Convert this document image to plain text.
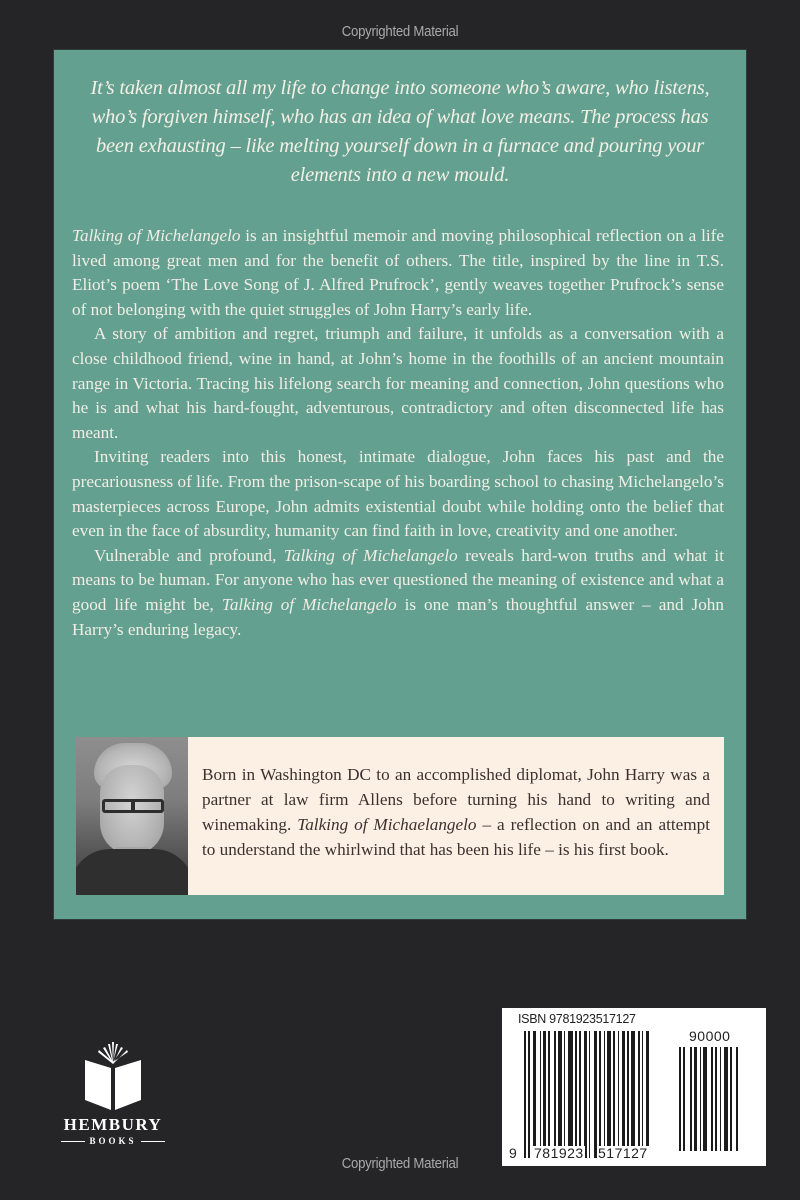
Copyrighted Material
It’s taken almost all my life to change into someone who’s aware, who listens, who’s forgiven himself, who has an idea of what love means. The process has been exhausting – like melting yourself down in a furnace and pouring your elements into a new mould.

Talking of Michelangelo is an insightful memoir and moving philosophical reflection on a life lived among great men and for the benefit of others. The title, inspired by the line in T.S. Eliot’s poem ‘The Love Song of J. Alfred Prufrock’, gently weaves together Prufrock’s sense of not belonging with the quiet struggles of John Harry’s early life.

A story of ambition and regret, triumph and failure, it unfolds as a conversation with a close childhood friend, wine in hand, at John’s home in the foothills of an ancient mountain range in Victoria. Tracing his lifelong search for meaning and connection, John questions who he is and what his hard-fought, adventurous, contradictory and often disconnected life has meant.

Inviting readers into this honest, intimate dialogue, John faces his past and the precariousness of life. From the prison-scape of his boarding school to chasing Michelangelo’s masterpieces across Europe, John admits existential doubt while holding onto the belief that even in the face of absurdity, humanity can find faith in love, creativity and one another.

Vulnerable and profound, Talking of Michelangelo reveals hard-won truths and what it means to be human. For anyone who has ever questioned the meaning of existence and what a good life might be, Talking of Michelangelo is one man’s thoughtful answer – and John Harry’s enduring legacy.

Born in Washington DC to an accomplished diplomat, John Harry was a partner at law firm Allens before turning his hand to writing and winemaking. Talking of Michaelangelo – a reflection on and an attempt to understand the whirlwind that has been his life – is his first book.
HEMBURY
BOOKS
ISBN 9781923517127
90000
9 781923 517127
Copyrighted Material
